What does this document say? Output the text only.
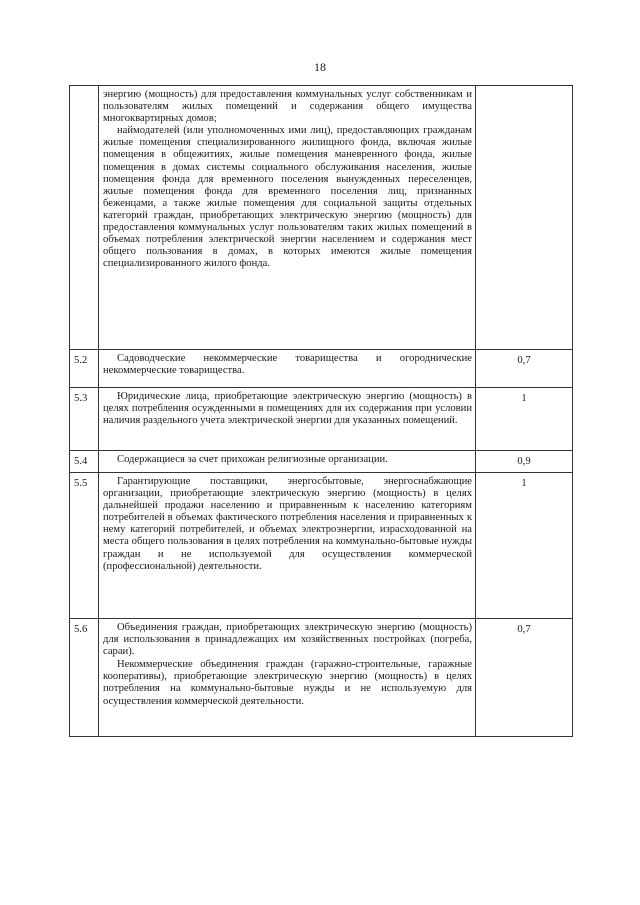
18

	энергию (мощность) для предоставления коммунальных услуг собственникам и пользователям жилых помещений и содержания общего имущества многоквартирных домов;

наймодателей (или уполномоченных ими лиц), предоставляющих гражданам жилые помещения специализированного жилищного фонда, включая жилые помещения в общежитиях, жилые помещения маневренного фонда, жилые помещения в домах системы социального обслуживания населения, жилые помещения фонда для временного поселения вынужденных переселенцев, жилые помещения фонда для временного поселения лиц, признанных беженцами, а также жилые помещения для социальной защиты отдельных категорий граждан, приобретающих электрическую энергию (мощность) для предоставления коммунальных услуг пользователям таких жилых помещений в объемах потребления электрической энергии населением и содержания мест общего пользования в домах, в которых имеются жилые помещения специализированного жилого фонда.	

5.2	Садоводческие некоммерческие товарищества и огороднические некоммерческие товарищества.	0,7
5.3	Юридические лица, приобретающие электрическую энергию (мощность) в целях потребления осужденными в помещениях для их содержания при условии наличия раздельного учета электрической энергии для указанных помещений.	1
5.4	Содержащиеся за счет прихожан религиозные организации.	0,9
5.5	Гарантирующие поставщики, энергосбытовые, энергоснабжающие организации, приобретающие электрическую энергию (мощность) в целях дальнейшей продажи населению и приравненным к населению категориям потребителей в объемах фактического потребления населения и приравненных к нему категорий потребителей, и объемах электроэнергии, израсходованной на места общего пользования в целях потребления на коммунально-бытовые нужды граждан и не используемой для осуществления коммерческой (профессиональной) деятельности.	1
5.6	Объединения граждан, приобретающих электрическую энергию (мощность) для использования в принадлежащих им хозяйственных постройках (погреба, сараи).

Некоммерческие объединения граждан (гаражно-строительные, гаражные кооперативы), приобретающие электрическую энергию (мощность) в целях потребления на коммунально-бытовые нужды и не используемую для осуществления коммерческой деятельности.	0,7
